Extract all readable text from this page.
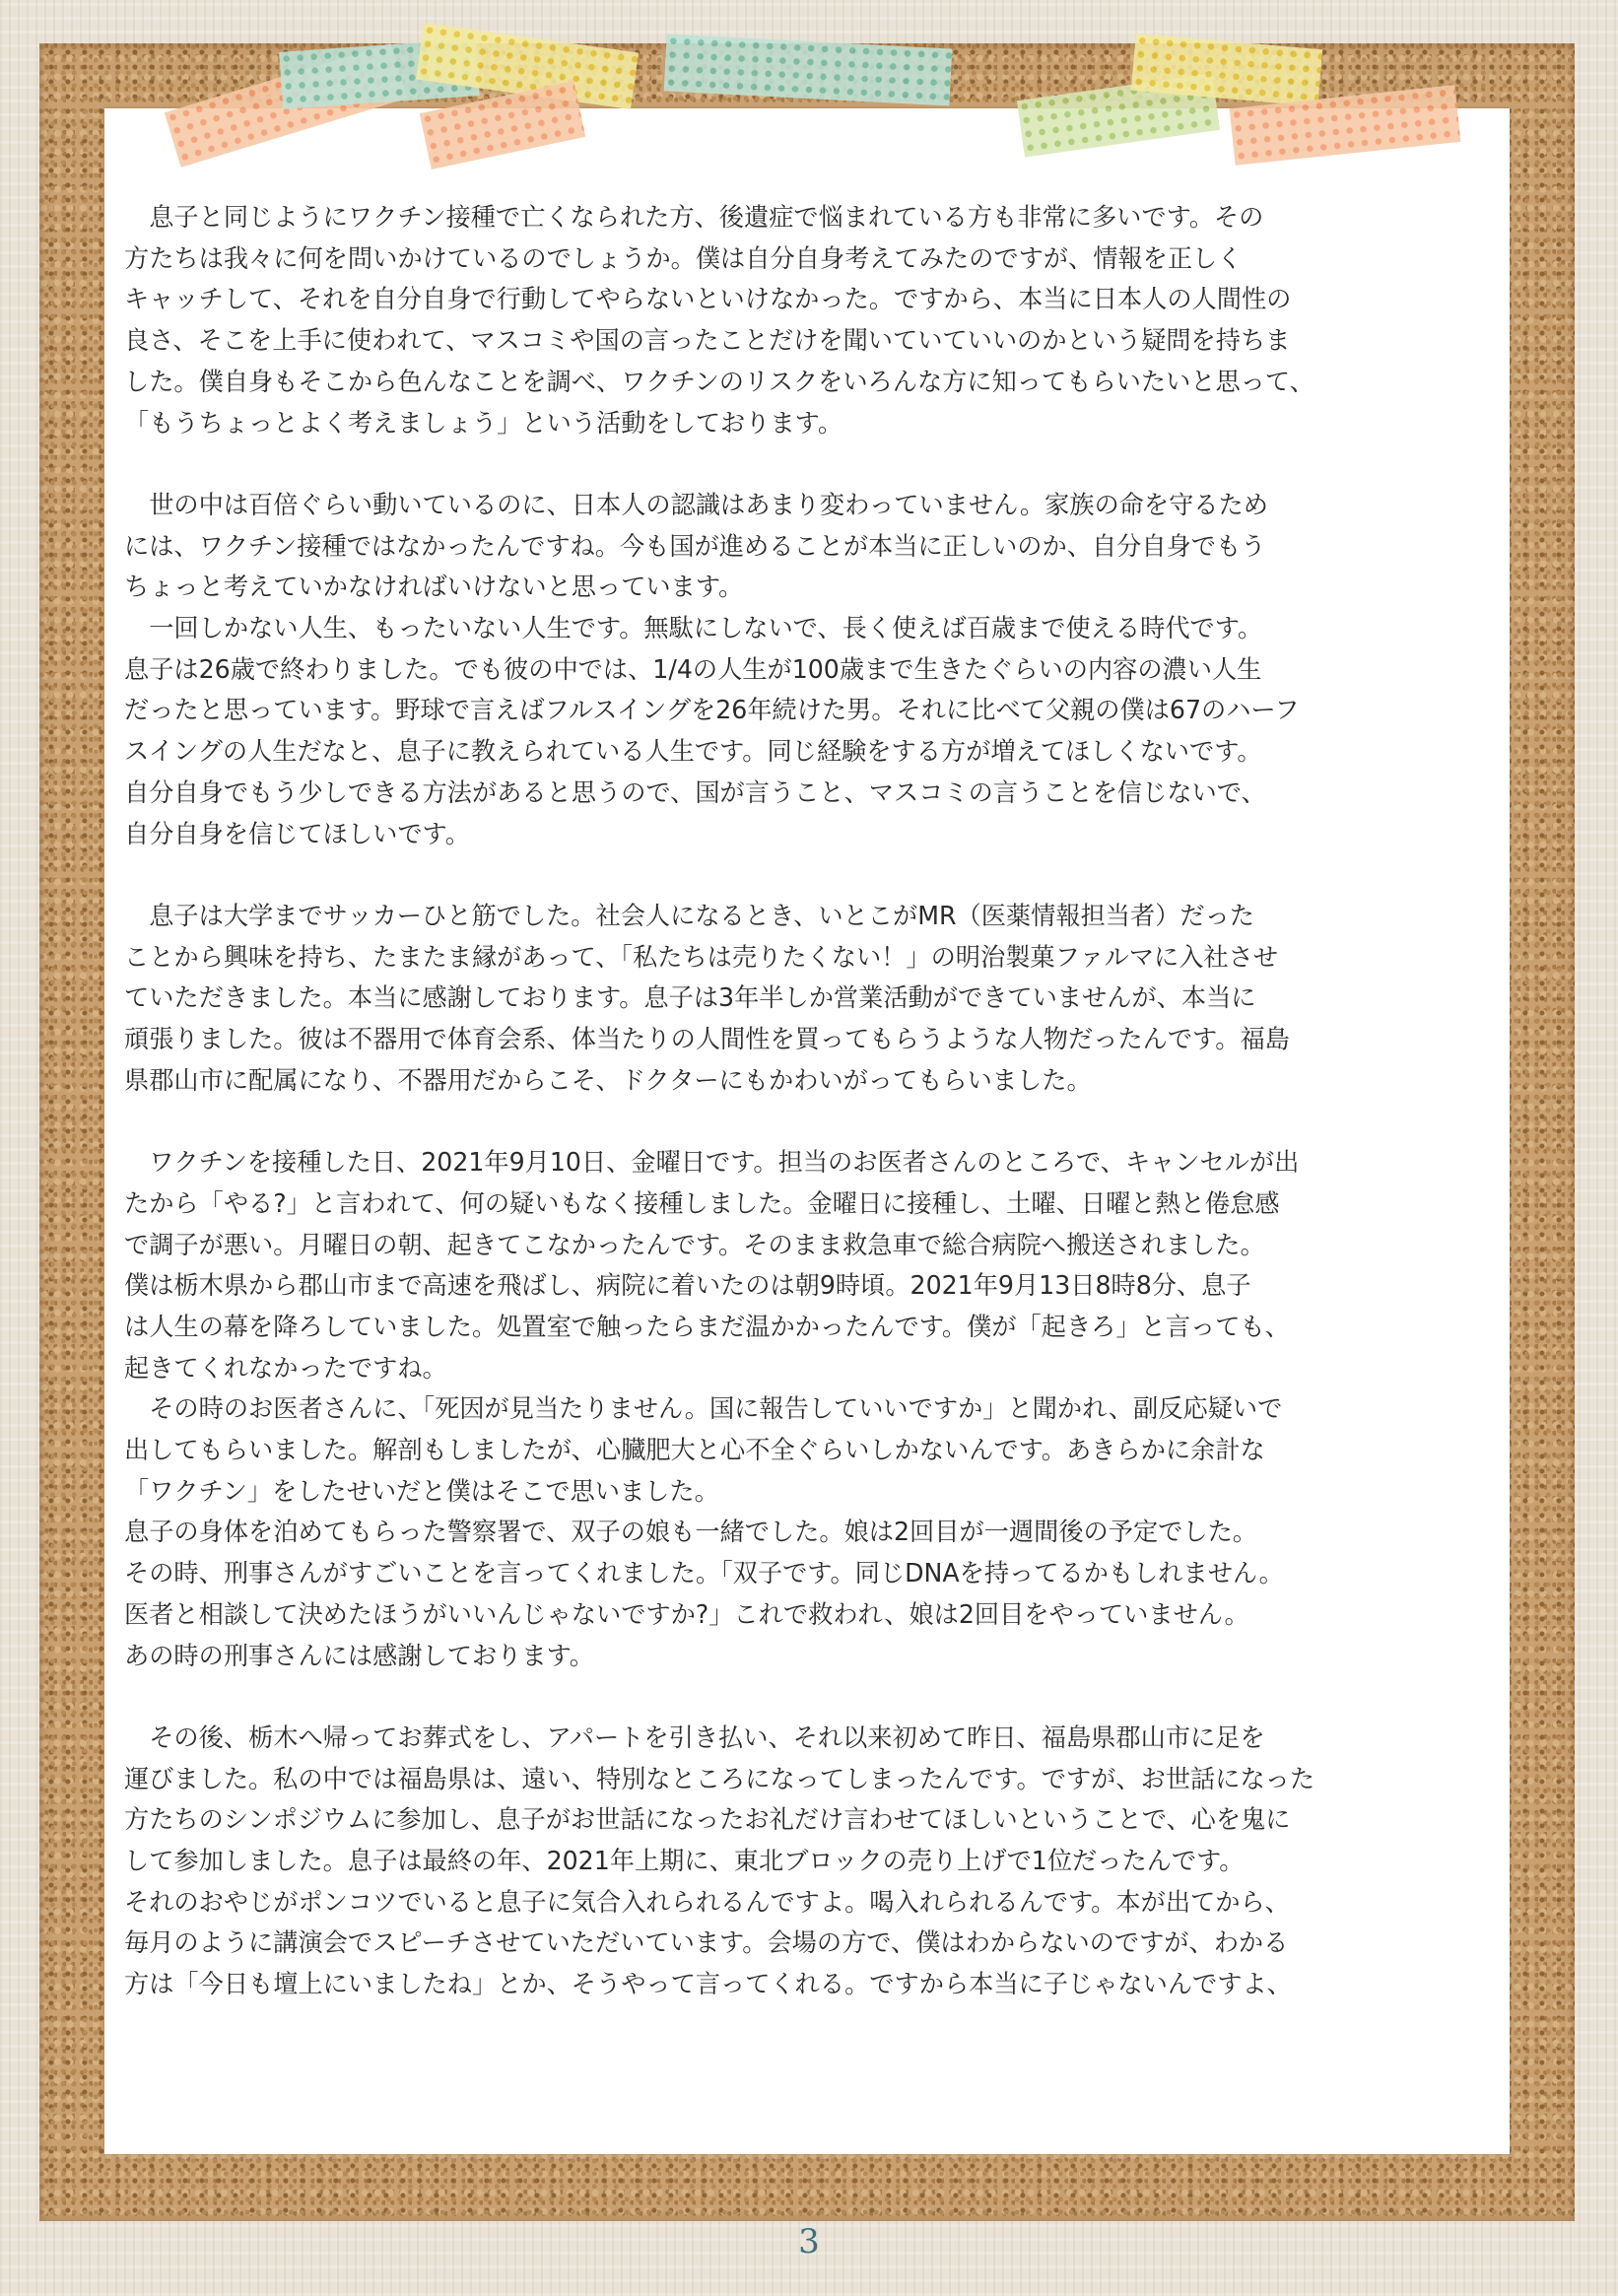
　息子と同じようにワクチン接種で亡くなられた方、後遺症で悩まれている方も非常に多いです。その
方たちは我々に何を問いかけているのでしょうか。僕は自分自身考えてみたのですが、情報を正しく
キャッチして、それを自分自身で行動してやらないといけなかった。ですから、本当に日本人の人間性の
良さ、そこを上手に使われて、マスコミや国の言ったことだけを聞いていていいのかという疑問を持ちま
した。僕自身もそこから色んなことを調べ、ワクチンのリスクをいろんな方に知ってもらいたいと思って、
「もうちょっとよく考えましょう」という活動をしております。

　世の中は百倍ぐらい動いているのに、日本人の認識はあまり変わっていません。家族の命を守るため
には、ワクチン接種ではなかったんですね。今も国が進めることが本当に正しいのか、自分自身でもう
ちょっと考えていかなければいけないと思っています。
　一回しかない人生、もったいない人生です。無駄にしないで、長く使えば百歳まで使える時代です。
息子は26歳で終わりました。でも彼の中では、1/4の人生が100歳まで生きたぐらいの内容の濃い人生
だったと思っています。野球で言えばフルスイングを26年続けた男。それに比べて父親の僕は67のハーフ
スイングの人生だなと、息子に教えられている人生です。同じ経験をする方が増えてほしくないです。
自分自身でもう少しできる方法があると思うので、国が言うこと、マスコミの言うことを信じないで、
自分自身を信じてほしいです。

　息子は大学までサッカーひと筋でした。社会人になるとき、いとこがMR（医薬情報担当者）だった
ことから興味を持ち、たまたま縁があって、「私たちは売りたくない！」の明治製菓ファルマに入社させ
ていただきました。本当に感謝しております。息子は3年半しか営業活動ができていませんが、本当に
頑張りました。彼は不器用で体育会系、体当たりの人間性を買ってもらうような人物だったんです。福島
県郡山市に配属になり、不器用だからこそ、ドクターにもかわいがってもらいました。

　ワクチンを接種した日、2021年9月10日、金曜日です。担当のお医者さんのところで、キャンセルが出
たから「やる?」と言われて、何の疑いもなく接種しました。金曜日に接種し、土曜、日曜と熱と倦怠感
で調子が悪い。月曜日の朝、起きてこなかったんです。そのまま救急車で総合病院へ搬送されました。
僕は栃木県から郡山市まで高速を飛ばし、病院に着いたのは朝9時頃。2021年9月13日8時8分、息子
は人生の幕を降ろしていました。処置室で触ったらまだ温かかったんです。僕が「起きろ」と言っても、
起きてくれなかったですね。
　その時のお医者さんに、「死因が見当たりません。国に報告していいですか」と聞かれ、副反応疑いで
出してもらいました。解剖もしましたが、心臓肥大と心不全ぐらいしかないんです。あきらかに余計な
「ワクチン」をしたせいだと僕はそこで思いました。
息子の身体を泊めてもらった警察署で、双子の娘も一緒でした。娘は2回目が一週間後の予定でした。
その時、刑事さんがすごいことを言ってくれました。「双子です。同じDNAを持ってるかもしれません。
医者と相談して決めたほうがいいんじゃないですか?」これで救われ、娘は2回目をやっていません。
あの時の刑事さんには感謝しております。

　その後、栃木へ帰ってお葬式をし、アパートを引き払い、それ以来初めて昨日、福島県郡山市に足を
運びました。私の中では福島県は、遠い、特別なところになってしまったんです。ですが、お世話になった
方たちのシンポジウムに参加し、息子がお世話になったお礼だけ言わせてほしいということで、心を鬼に
して参加しました。息子は最終の年、2021年上期に、東北ブロックの売り上げで1位だったんです。
それのおやじがポンコツでいると息子に気合入れられるんですよ。喝入れられるんです。本が出てから、
毎月のように講演会でスピーチさせていただいています。会場の方で、僕はわからないのですが、わかる
方は「今日も壇上にいましたね」とか、そうやって言ってくれる。ですから本当に子じゃないんですよ、

3
